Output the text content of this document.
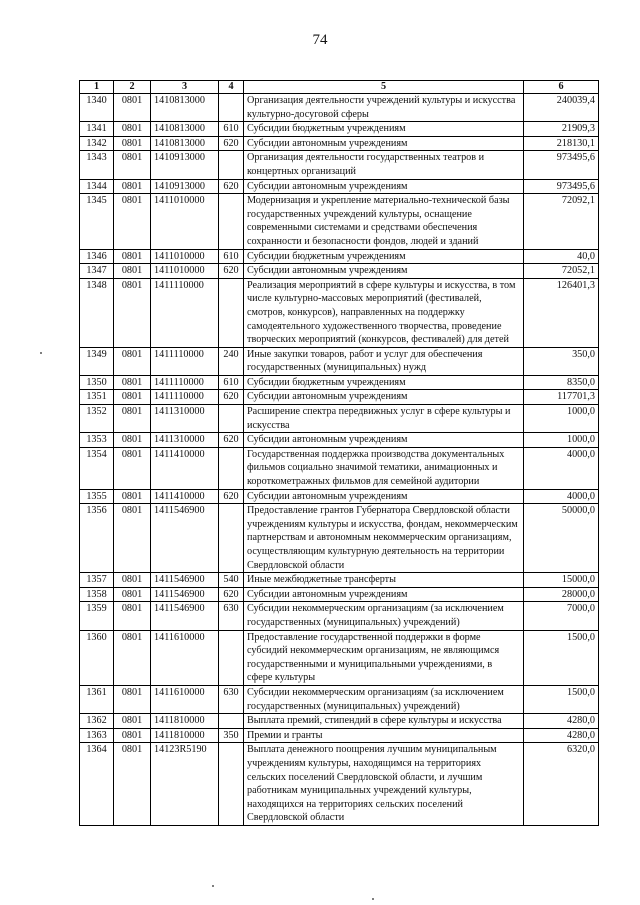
74
1	2	3	4	5	6
1340	0801	1410813000		Организация деятельности учреждений культуры и искусства культурно-досуговой сферы	240039,4
1341	0801	1410813000	610	Субсидии бюджетным учреждениям	21909,3
1342	0801	1410813000	620	Субсидии автономным учреждениям	218130,1
1343	0801	1410913000		Организация деятельности государственных театров и концертных организаций	973495,6
1344	0801	1410913000	620	Субсидии автономным учреждениям	973495,6
1345	0801	1411010000		Модернизация и укрепление материально-технической базы государственных учреждений культуры, оснащение современными системами и средствами обеспечения сохранности и безопасности фондов, людей и зданий	72092,1
1346	0801	1411010000	610	Субсидии бюджетным учреждениям	40,0
1347	0801	1411010000	620	Субсидии автономным учреждениям	72052,1
1348	0801	1411110000		Реализация мероприятий в сфере культуры и искусства, в том числе культурно-массовых мероприятий (фестивалей, смотров, конкурсов), направленных на поддержку самодеятельного художественного творчества, проведение творческих мероприятий (конкурсов, фестивалей) для детей	126401,3
1349	0801	1411110000	240	Иные закупки товаров, работ и услуг для обеспечения государственных (муниципальных) нужд	350,0
1350	0801	1411110000	610	Субсидии бюджетным учреждениям	8350,0
1351	0801	1411110000	620	Субсидии автономным учреждениям	117701,3
1352	0801	1411310000		Расширение спектра передвижных услуг в сфере культуры и искусства	1000,0
1353	0801	1411310000	620	Субсидии автономным учреждениям	1000,0
1354	0801	1411410000		Государственная поддержка производства документальных фильмов социально значимой тематики, анимационных и короткометражных фильмов для семейной аудитории	4000,0
1355	0801	1411410000	620	Субсидии автономным учреждениям	4000,0
1356	0801	1411546900		Предоставление грантов Губернатора Свердловской области учреждениям культуры и искусства, фондам, некоммерческим партнерствам и автономным некоммерческим организациям, осуществляющим культурную деятельность на территории Свердловской области	50000,0
1357	0801	1411546900	540	Иные межбюджетные трансферты	15000,0
1358	0801	1411546900	620	Субсидии автономным учреждениям	28000,0
1359	0801	1411546900	630	Субсидии некоммерческим организациям (за исключением государственных (муниципальных) учреждений)	7000,0
1360	0801	1411610000		Предоставление государственной поддержки в форме субсидий некоммерческим организациям, не являющимся государственными и муниципальными учреждениями, в сфере культуры	1500,0
1361	0801	1411610000	630	Субсидии некоммерческим организациям (за исключением государственных (муниципальных) учреждений)	1500,0
1362	0801	1411810000		Выплата премий, стипендий в сфере культуры и искусства	4280,0
1363	0801	1411810000	350	Премии и гранты	4280,0
1364	0801	14123R5190		Выплата денежного поощрения лучшим муниципальным учреждениям культуры, находящимся на территориях сельских поселений Свердловской области, и лучшим работникам муниципальных учреждений культуры, находящихся на территориях сельских поселений Свердловской области	6320,0
